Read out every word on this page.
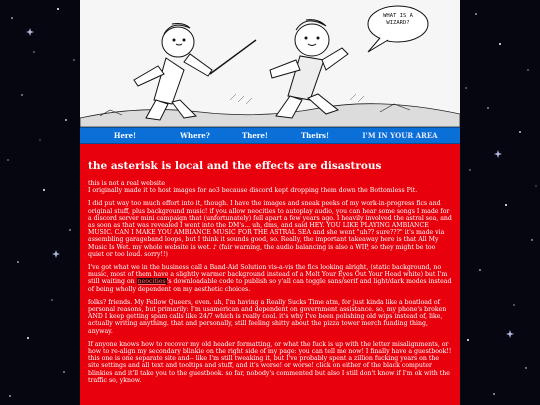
WHAT IS A WIZARD?
Here!	Where?	There!	Theirs!	I'M IN YOUR AREA
the asterisk is local and the effects are disastrous

this is not a real website
I originally made it to host images for ao3 because discord kept dropping them down the Bottomless Pit.

I did put way too much effort into it, though. I have the images and sneak peeks of my work-in-progress fics and original stuff, plus background music! if you allow neocities to autoplay audio, you can hear some songs I made for a discord server mini campaign that (unfortunately) fell apart a few years ago. I heavily involved the astral sea, and as soon as that was revealed I went into the DM's... uh, dms, and said HEY. YOU LIKE PLAYING AMBIANCE MUSIC. CAN I MAKE YOU AMBIANCE MUSIC FOR THE ASTRAL SEA and she went "uh?? sure???" it's made via assembling garageband loops, but I think it sounds good, so. Really, the important takeaway here is that All My Music Is Wet. my whole website is wet. ♪ (fair warning, the audio balancing is also a WIP, so they might be too quiet or too loud. sorry!!)

I've got what we in the business call a Band-Aid Solution vis-a-vis the fics looking alright, (static background, no music, most of them have a slightly warmer background instead of a Melt Your Eyes Out Your Head white) but I'm still waiting on neocities's downloadable code to publish so y'all can toggle sans/serif and light/dark modes instead of being wholly dependent on my aesthetic choices.

folks? friends. My Fellow Queers, even. uh, I'm having a Really Sucks Time atm, for just kinda like a boatload of personal reasons, but primarily: I'm usamerican and dependent on government assistance. so, my phone's broken AND I keep getting spam calls like 24/7 which is really cool. it's why I've been polishing old wips instead of, like, actually writing anything. that and personally, still feeling shitty about the pizza tower merch funding thing, anyway.

If anyone knows how to recover my old header formatting, or what the fuck is up with the letter misalignments, or how to re-align my secondary blinkie on the right side of my page: you can tell me now! I finally have a guestbook!! this one is one separate site and-- like I'm still tweaking it, but I've probably spent a zillion fucking years on the site settings and all text and tooltips and stuff, and it's worse! or worse! click on either of the black computer blinkies and it'll take you to the guestbook. so far, nobody's commented but also I still don't know if I'm ok with the traffic so, yknow.
